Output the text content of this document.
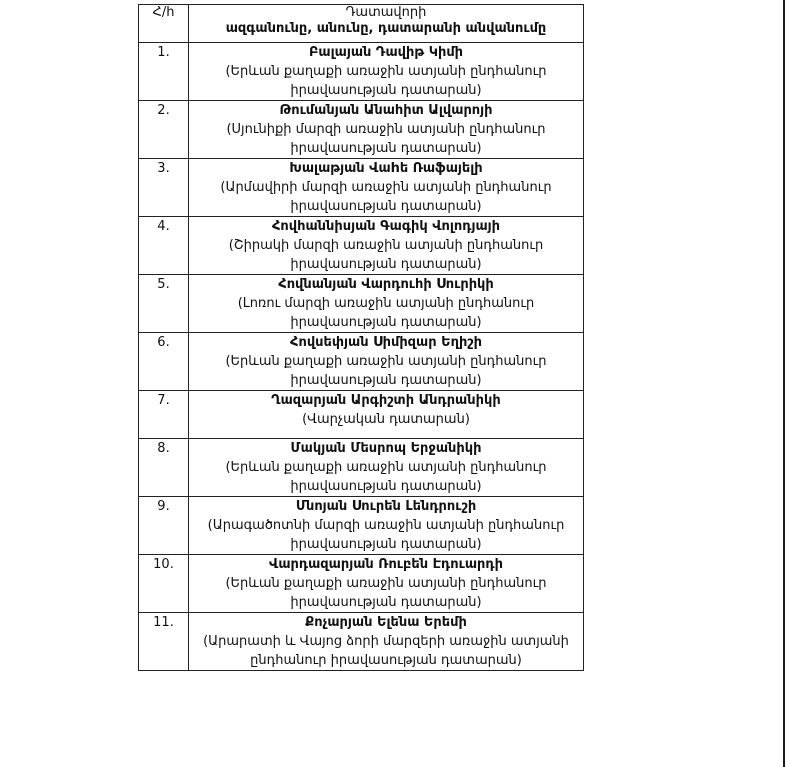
Հ/հ	Դատավորի
ազգանունը, անունը, դատարանի անվանումը

1.	Բալայան Դավիթ Կիմի
(Երևան քաղաքի առաջին ատյանի ընդհանուր
իրավասության դատարան)

2.	Թումանյան Անահիտ Ալվարոյի
(Սյունիքի մարզի առաջին ատյանի ընդհանուր
իրավասության դատարան)

3.	Խալաթյան Վաhե Ռաֆայելի
(Արմավիրի մարզի առաջին ատյանի ընդհանուր
իրավասության դատարան)

4.	Հովհաննիսյան Գագիկ Վոլոդյայի
(Շիրակի մարզի առաջին ատյանի ընդհանուր
իրավասության դատարան)

5.	Հովնանյան Վարդուհի Սուրիկի
(Լոռու մարզի առաջին ատյանի ընդհանուր
իրավասության դատարան)

6.	Հովսեփյան Սիմիզար Եղիշի
(Երևան քաղաքի առաջին ատյանի ընդհանուր
իրավասության դատարան)

7.	Ղազարյան Արգիշտի Անդրանիկի
(Վարչական դատարան)

8.	Մակյան Մեսրոպ Երջանիկի
(Երևան քաղաքի առաջին ատյանի ընդհանուր
իրավասության դատարան)

9.	Մնոյան Սուրեն Լենդրուշի
(Արագածոտնի մարզի առաջին ատյանի ընդհանուր
իրավասության դատարան)

10.	Վարդազարյան Ռուբեն Էդուարդի
(Երևան քաղաքի առաջին ատյանի ընդհանուր
իրավասության դատարան)

11.	Քոչարյան Ելենա Երեմի
(Արարատի և Վայոց ձորի մարզերի առաջին ատյանի
ընդհանուր իրավասության դատարան)
